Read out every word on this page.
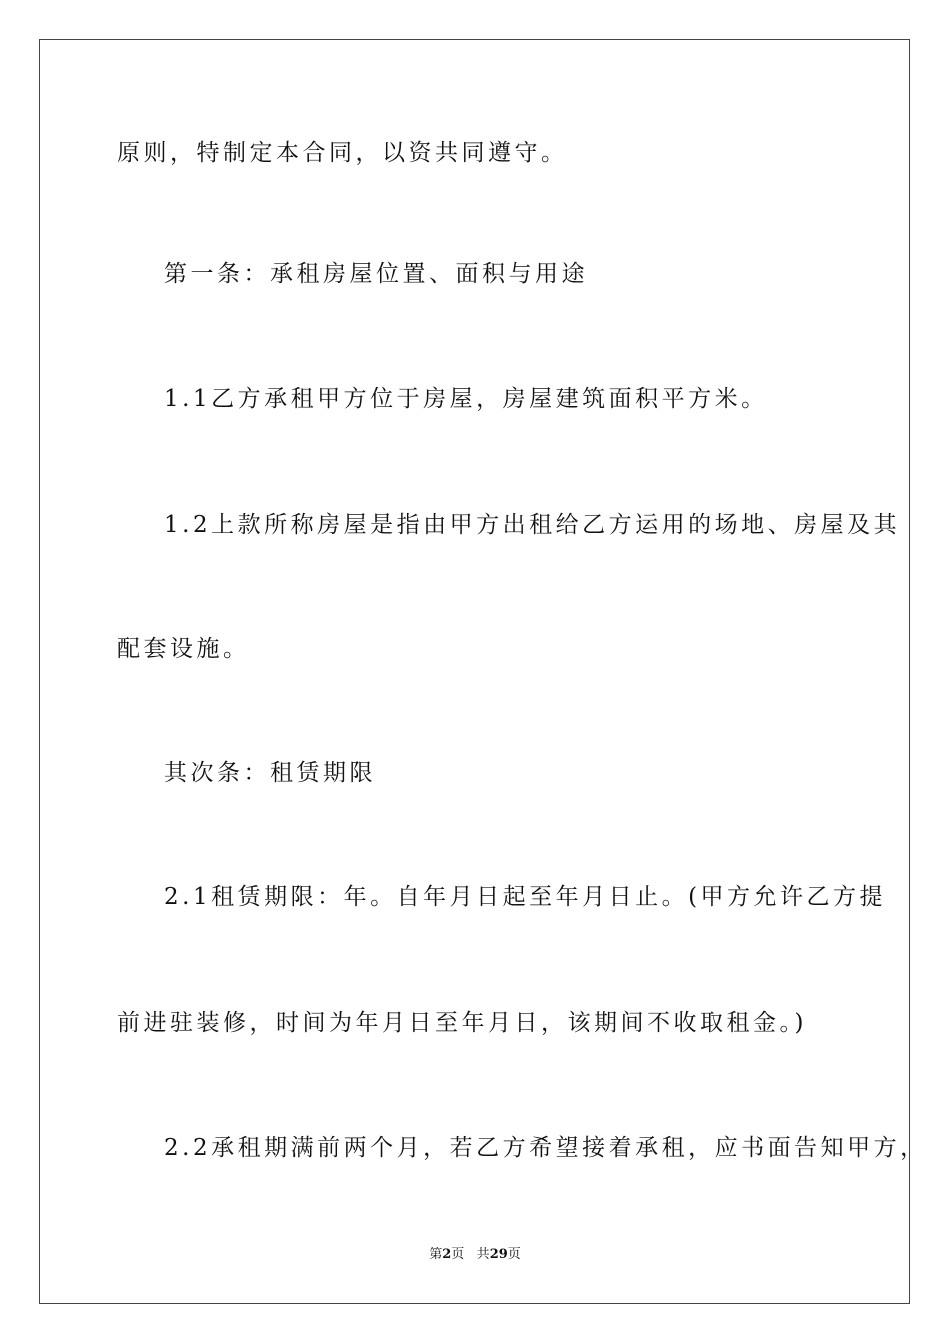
原则，特制定本合同，以资共同遵守。
第一条：承租房屋位置、面积与用途
1.1乙方承租甲方位于房屋，房屋建筑面积平方米。
1.2上款所称房屋是指由甲方出租给乙方运用的场地、房屋及其
配套设施。
其次条：租赁期限
2.1租赁期限：年。自年月日起至年月日止。(甲方允许乙方提
前进驻装修，时间为年月日至年月日，该期间不收取租金。)
2.2承租期满前两个月，若乙方希望接着承租，应书面告知甲方，
第2页 共29页
